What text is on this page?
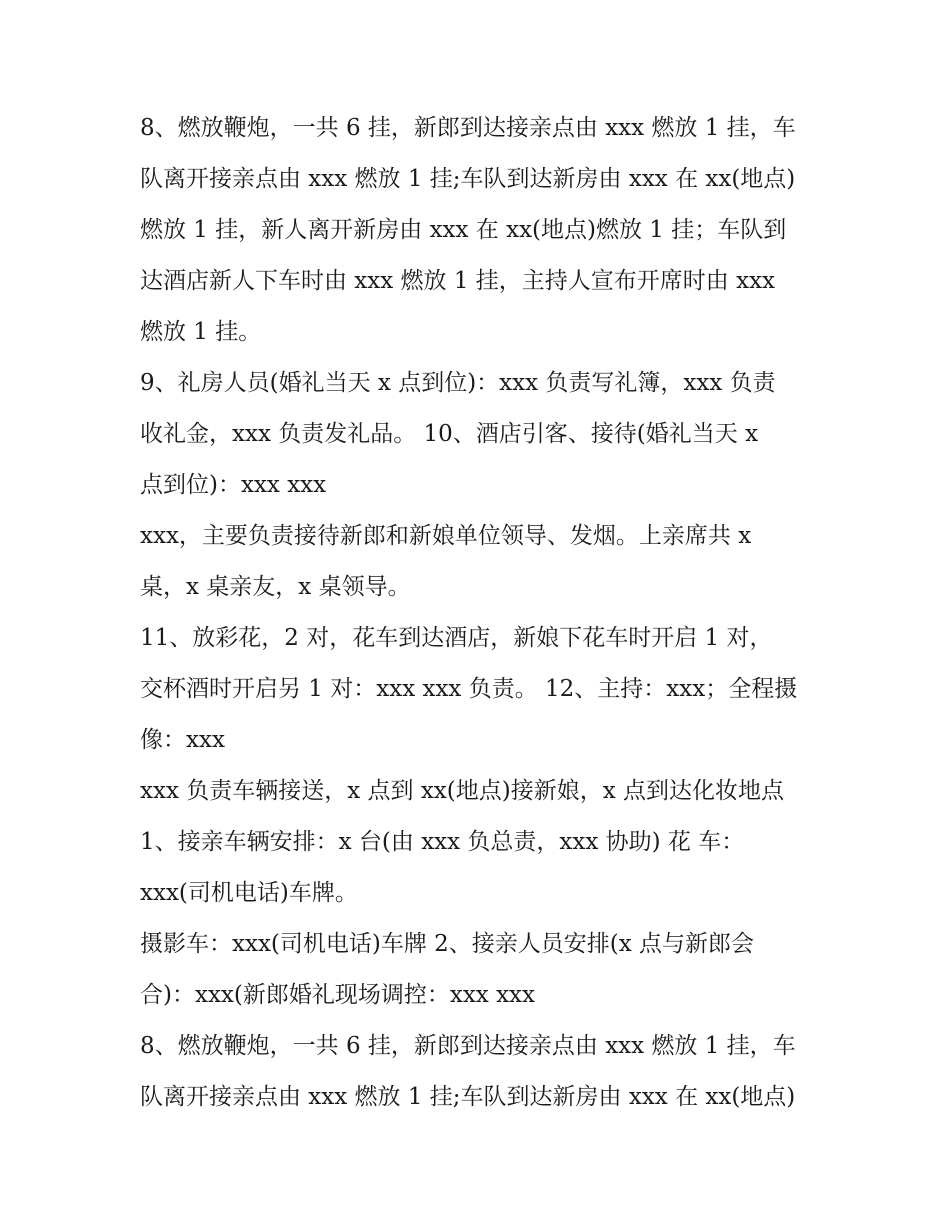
8、燃放鞭炮，一共 6 挂，新郎到达接亲点由 xxx 燃放 1 挂，车
队离开接亲点由 xxx 燃放 1 挂;车队到达新房由 xxx 在 xx(地点)
燃放 1 挂，新人离开新房由 xxx 在 xx(地点)燃放 1 挂；车队到
达酒店新人下车时由 xxx 燃放 1 挂，主持人宣布开席时由 xxx
燃放 1 挂。
9、礼房人员(婚礼当天 x 点到位)：xxx 负责写礼簿，xxx 负责
收礼金，xxx 负责发礼品。 10、酒店引客、接待(婚礼当天 x
点到位)：xxx xxx
xxx，主要负责接待新郎和新娘单位领导、发烟。上亲席共 x
桌，x 桌亲友，x 桌领导。
11、放彩花，2 对，花车到达酒店，新娘下花车时开启 1 对，
交杯酒时开启另 1 对：xxx xxx 负责。 12、主持：xxx；全程摄
像：xxx
xxx 负责车辆接送，x 点到 xx(地点)接新娘，x 点到达化妆地点
1、接亲车辆安排：x 台(由 xxx 负总责，xxx 协助) 花 车：
xxx(司机电话)车牌。
摄影车：xxx(司机电话)车牌 2、接亲人员安排(x 点与新郎会
合)：xxx(新郎婚礼现场调控：xxx xxx
8、燃放鞭炮，一共 6 挂，新郎到达接亲点由 xxx 燃放 1 挂，车
队离开接亲点由 xxx 燃放 1 挂;车队到达新房由 xxx 在 xx(地点)
